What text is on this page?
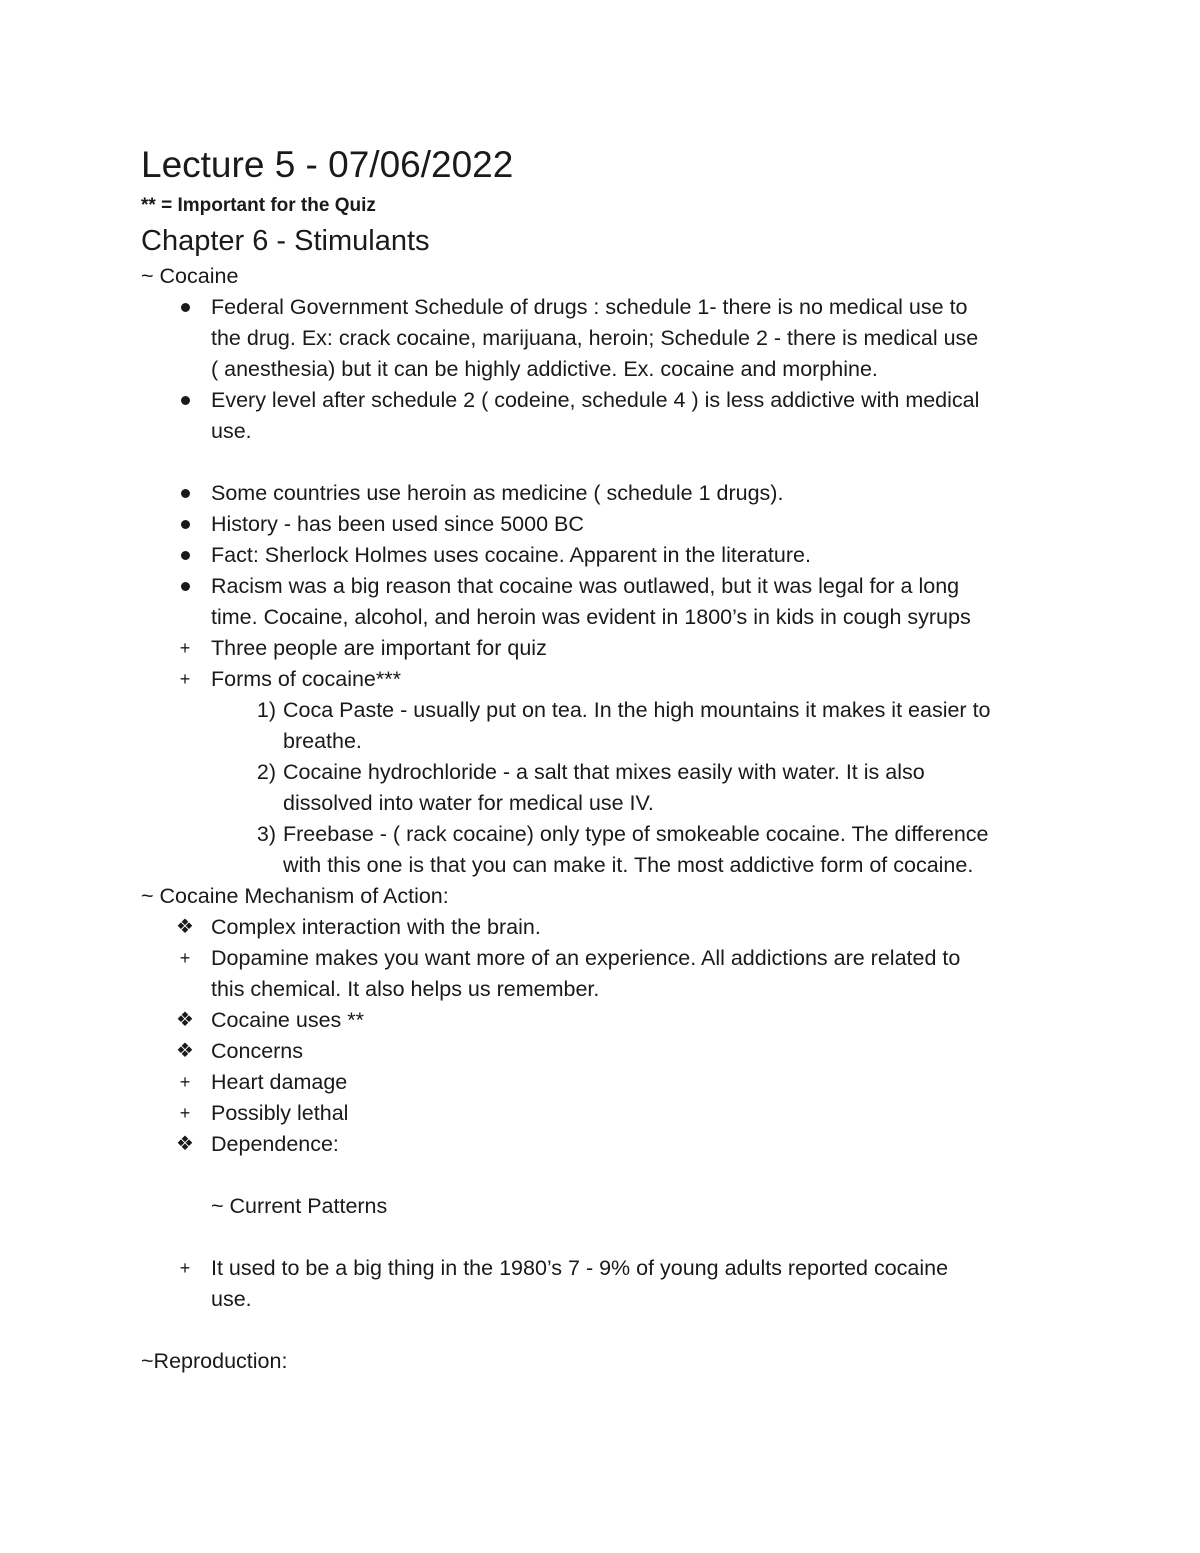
Lecture 5 - 07/06/2022
** = Important for the Quiz
Chapter 6 - Stimulants
~ Cocaine
Federal Government Schedule of drugs : schedule 1- there is no medical use to
the drug. Ex: crack cocaine, marijuana, heroin; Schedule 2 - there is medical use
( anesthesia) but it can be highly addictive. Ex. cocaine and morphine.
Every level after schedule 2 ( codeine, schedule 4 ) is less addictive with medical
use.
Some countries use heroin as medicine ( schedule 1 drugs).
History - has been used since 5000 BC
Fact: Sherlock Holmes uses cocaine. Apparent in the literature.
Racism was a big reason that cocaine was outlawed, but it was legal for a long
time. Cocaine, alcohol, and heroin was evident in 1800’s in kids in cough syrups
+ Three people are important for quiz
+ Forms of cocaine***
1) Coca Paste - usually put on tea. In the high mountains it makes it easier to
breathe.
2) Cocaine hydrochloride - a salt that mixes easily with water. It is also
dissolved into water for medical use IV.
3) Freebase - ( rack cocaine) only type of smokeable cocaine. The difference
with this one is that you can make it. The most addictive form of cocaine.
~ Cocaine Mechanism of Action:
❖ Complex interaction with the brain.
+ Dopamine makes you want more of an experience. All addictions are related to
this chemical. It also helps us remember.
❖ Cocaine uses **
❖ Concerns
+ Heart damage
+ Possibly lethal
❖ Dependence:
~ Current Patterns
+ It used to be a big thing in the 1980’s 7 - 9% of young adults reported cocaine
use.
~Reproduction:
